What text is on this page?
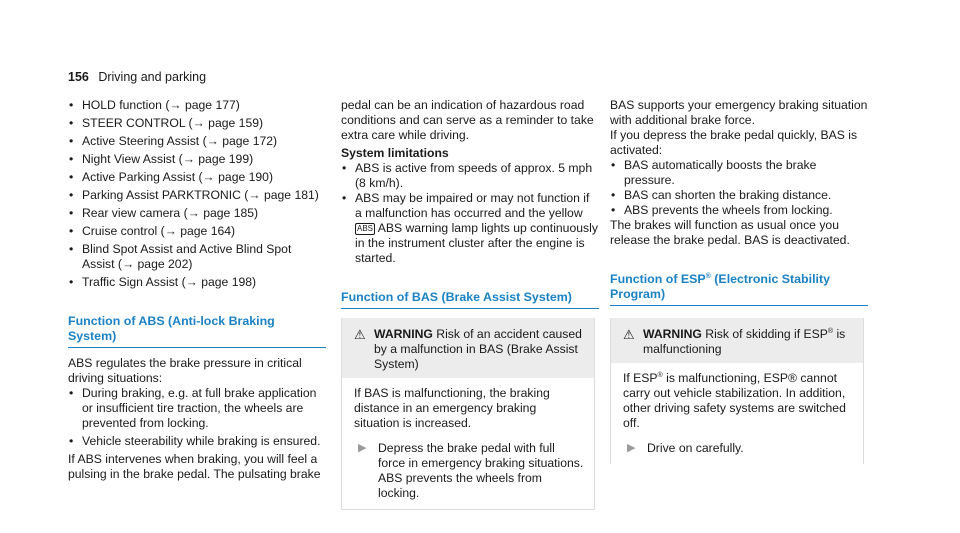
156 Driving and parking
• HOLD function (→ page 177)
• STEER CONTROL (→ page 159)
• Active Steering Assist (→ page 172)
• Night View Assist (→ page 199)
• Active Parking Assist (→ page 190)
• Parking Assist PARKTRONIC (→ page 181)
• Rear view camera (→ page 185)
• Cruise control (→ page 164)
• Blind Spot Assist and Active Blind Spot Assist (→ page 202)
• Traffic Sign Assist (→ page 198)
Function of ABS (Anti-lock Braking System)

ABS regulates the brake pressure in critical driving situations:

• During braking, e.g. at full brake application or insufficient tire traction, the wheels are prevented from locking.
• Vehicle steerability while braking is ensured.

If ABS intervenes when braking, you will feel a pulsing in the brake pedal. The pulsating brake

pedal can be an indication of hazardous road conditions and can serve as a reminder to take extra care while driving.

System limitations

• ABS is active from speeds of approx. 5 mph (8 km/h).
• ABS may be impaired or may not function if a malfunction has occurred and the yellow ABS ABS warning lamp lights up continuously in the instrument cluster after the engine is started.
Function of BAS (Brake Assist System)
⚠ WARNING Risk of an accident caused by a malfunction in BAS (Brake Assist System)

If BAS is malfunctioning, the braking distance in an emergency braking situation is increased.

▶ Depress the brake pedal with full force in emergency braking situations. ABS prevents the wheels from locking.

BAS supports your emergency braking situation with additional brake force.

If you depress the brake pedal quickly, BAS is activated:

• BAS automatically boosts the brake pressure.
• BAS can shorten the braking distance.
• ABS prevents the wheels from locking.

The brakes will function as usual once you release the brake pedal. BAS is deactivated.

Function of ESP® (Electronic Stability Program)
⚠ WARNING Risk of skidding if ESP® is malfunctioning

If ESP® is malfunctioning, ESP® cannot carry out vehicle stabilization. In addition, other driving safety systems are switched off.

▶ Drive on carefully.
